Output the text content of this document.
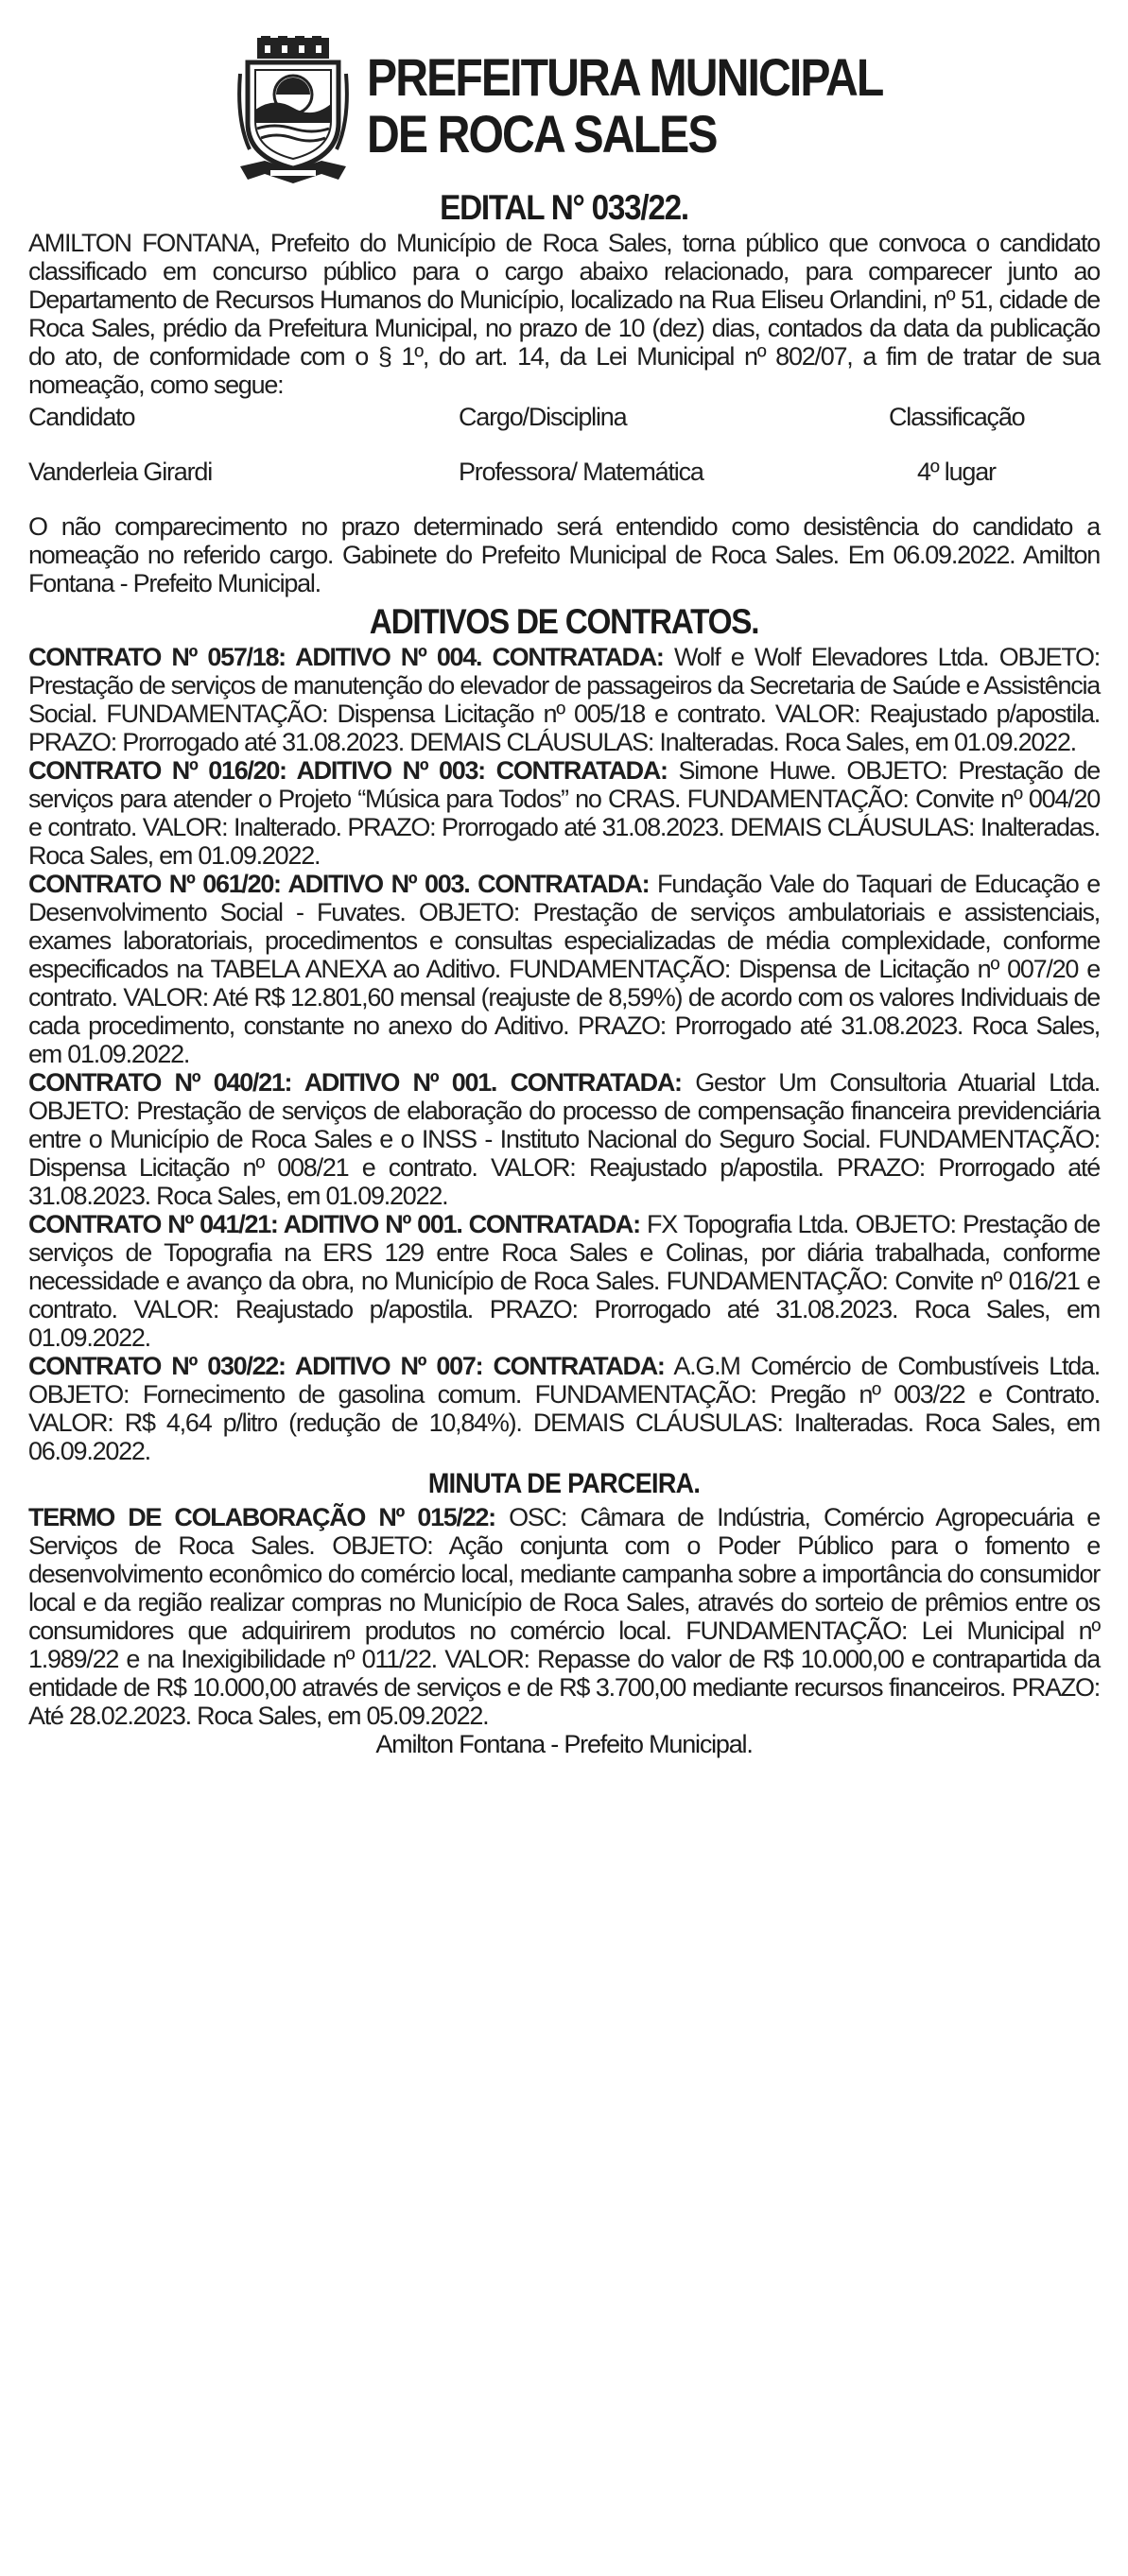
PREFEITURA MUNICIPAL
DE ROCA SALES
EDITAL N° 033/22.

AMILTON FONTANA, Prefeito do Município de Roca Sales, torna público que convoca o candidato classificado em concurso público para o cargo abaixo relacionado, para comparecer junto ao Departamento de Recursos Humanos do Município, localizado na Rua Eliseu Orlandini, nº 51, cidade de Roca Sales, prédio da Prefeitura Municipal, no prazo de 10 (dez) dias, contados da data da publicação do ato, de conformidade com o § 1º, do art. 14, da Lei Municipal nº 802/07, a fim de tratar de sua nomeação, como segue:

Candidato	Cargo/Disciplina	Classificação
Vanderleia Girardi	Professora/ Matemática	4º lugar

O não comparecimento no prazo determinado será entendido como desistência do candidato a nomeação no referido cargo. Gabinete do Prefeito Municipal de Roca Sales. Em 06.09.2022. Amilton Fontana - Prefeito Municipal.

ADITIVOS DE CONTRATOS.

CONTRATO Nº 057/18: ADITIVO Nº 004. CONTRATADA: Wolf e Wolf Elevadores Ltda. OBJETO: Prestação de serviços de manutenção do elevador de passageiros da Secretaria de Saúde e Assistência Social. FUNDAMENTAÇÃO: Dispensa Licitação nº 005/18 e contrato. VALOR: Reajustado p/apostila. PRAZO: Prorrogado até 31.08.2023. DEMAIS CLÁUSULAS: Inalteradas. Roca Sales, em 01.09.2022.

CONTRATO Nº 016/20: ADITIVO Nº 003: CONTRATADA: Simone Huwe. OBJETO: Prestação de serviços para atender o Projeto “Música para Todos” no CRAS. FUNDAMENTAÇÃO: Convite nº 004/20 e contrato. VALOR: Inalterado. PRAZO: Prorrogado até 31.08.2023. DEMAIS CLÁUSULAS: Inalteradas. Roca Sales, em 01.09.2022.

CONTRATO Nº 061/20: ADITIVO Nº 003. CONTRATADA: Fundação Vale do Taquari de Educação e Desenvolvimento Social - Fuvates. OBJETO: Prestação de serviços ambulatoriais e assistenciais, exames laboratoriais, procedimentos e consultas especializadas de média complexidade, conforme especificados na TABELA ANEXA ao Aditivo. FUNDAMENTAÇÃO: Dispensa de Licitação nº 007/20 e contrato. VALOR: Até R$ 12.801,60 mensal (reajuste de 8,59%) de acordo com os valores Individuais de cada procedimento, constante no anexo do Aditivo. PRAZO: Prorrogado até 31.08.2023. Roca Sales, em 01.09.2022.

CONTRATO Nº 040/21: ADITIVO Nº 001. CONTRATADA: Gestor Um Consultoria Atuarial Ltda. OBJETO: Prestação de serviços de elaboração do processo de compensação financeira previdenciária entre o Município de Roca Sales e o INSS - Instituto Nacional do Seguro Social. FUNDAMENTAÇÃO: Dispensa Licitação nº 008/21 e contrato. VALOR: Reajustado p/apostila. PRAZO: Prorrogado até 31.08.2023. Roca Sales, em 01.09.2022.

CONTRATO Nº 041/21: ADITIVO Nº 001. CONTRATADA: FX Topografia Ltda. OBJETO: Prestação de serviços de Topografia na ERS 129 entre Roca Sales e Colinas, por diária trabalhada, conforme necessidade e avanço da obra, no Município de Roca Sales. FUNDAMENTAÇÃO: Convite nº 016/21 e contrato. VALOR: Reajustado p/apostila. PRAZO: Prorrogado até 31.08.2023. Roca Sales, em 01.09.2022.

CONTRATO Nº 030/22: ADITIVO Nº 007: CONTRATADA: A.G.M Comércio de Combustíveis Ltda. OBJETO: Fornecimento de gasolina comum. FUNDAMENTAÇÃO: Pregão nº 003/22 e Contrato. VALOR: R$ 4,64 p/litro (redução de 10,84%). DEMAIS CLÁUSULAS: Inalteradas. Roca Sales, em 06.09.2022.

MINUTA DE PARCEIRA.

TERMO DE COLABORAÇÃO Nº 015/22: OSC: Câmara de Indústria, Comércio Agropecuária e Serviços de Roca Sales. OBJETO: Ação conjunta com o Poder Público para o fomento e desenvolvimento econômico do comércio local, mediante campanha sobre a importância do consumidor local e da região realizar compras no Município de Roca Sales, através do sorteio de prêmios entre os consumidores que adquirirem produtos no comércio local. FUNDAMENTAÇÃO: Lei Municipal nº 1.989/22 e na Inexigibilidade nº 011/22. VALOR: Repasse do valor de R$ 10.000,00 e contrapartida da entidade de R$ 10.000,00 através de serviços e de R$ 3.700,00 mediante recursos financeiros. PRAZO: Até 28.02.2023. Roca Sales, em 05.09.2022.

Amilton Fontana - Prefeito Municipal.
